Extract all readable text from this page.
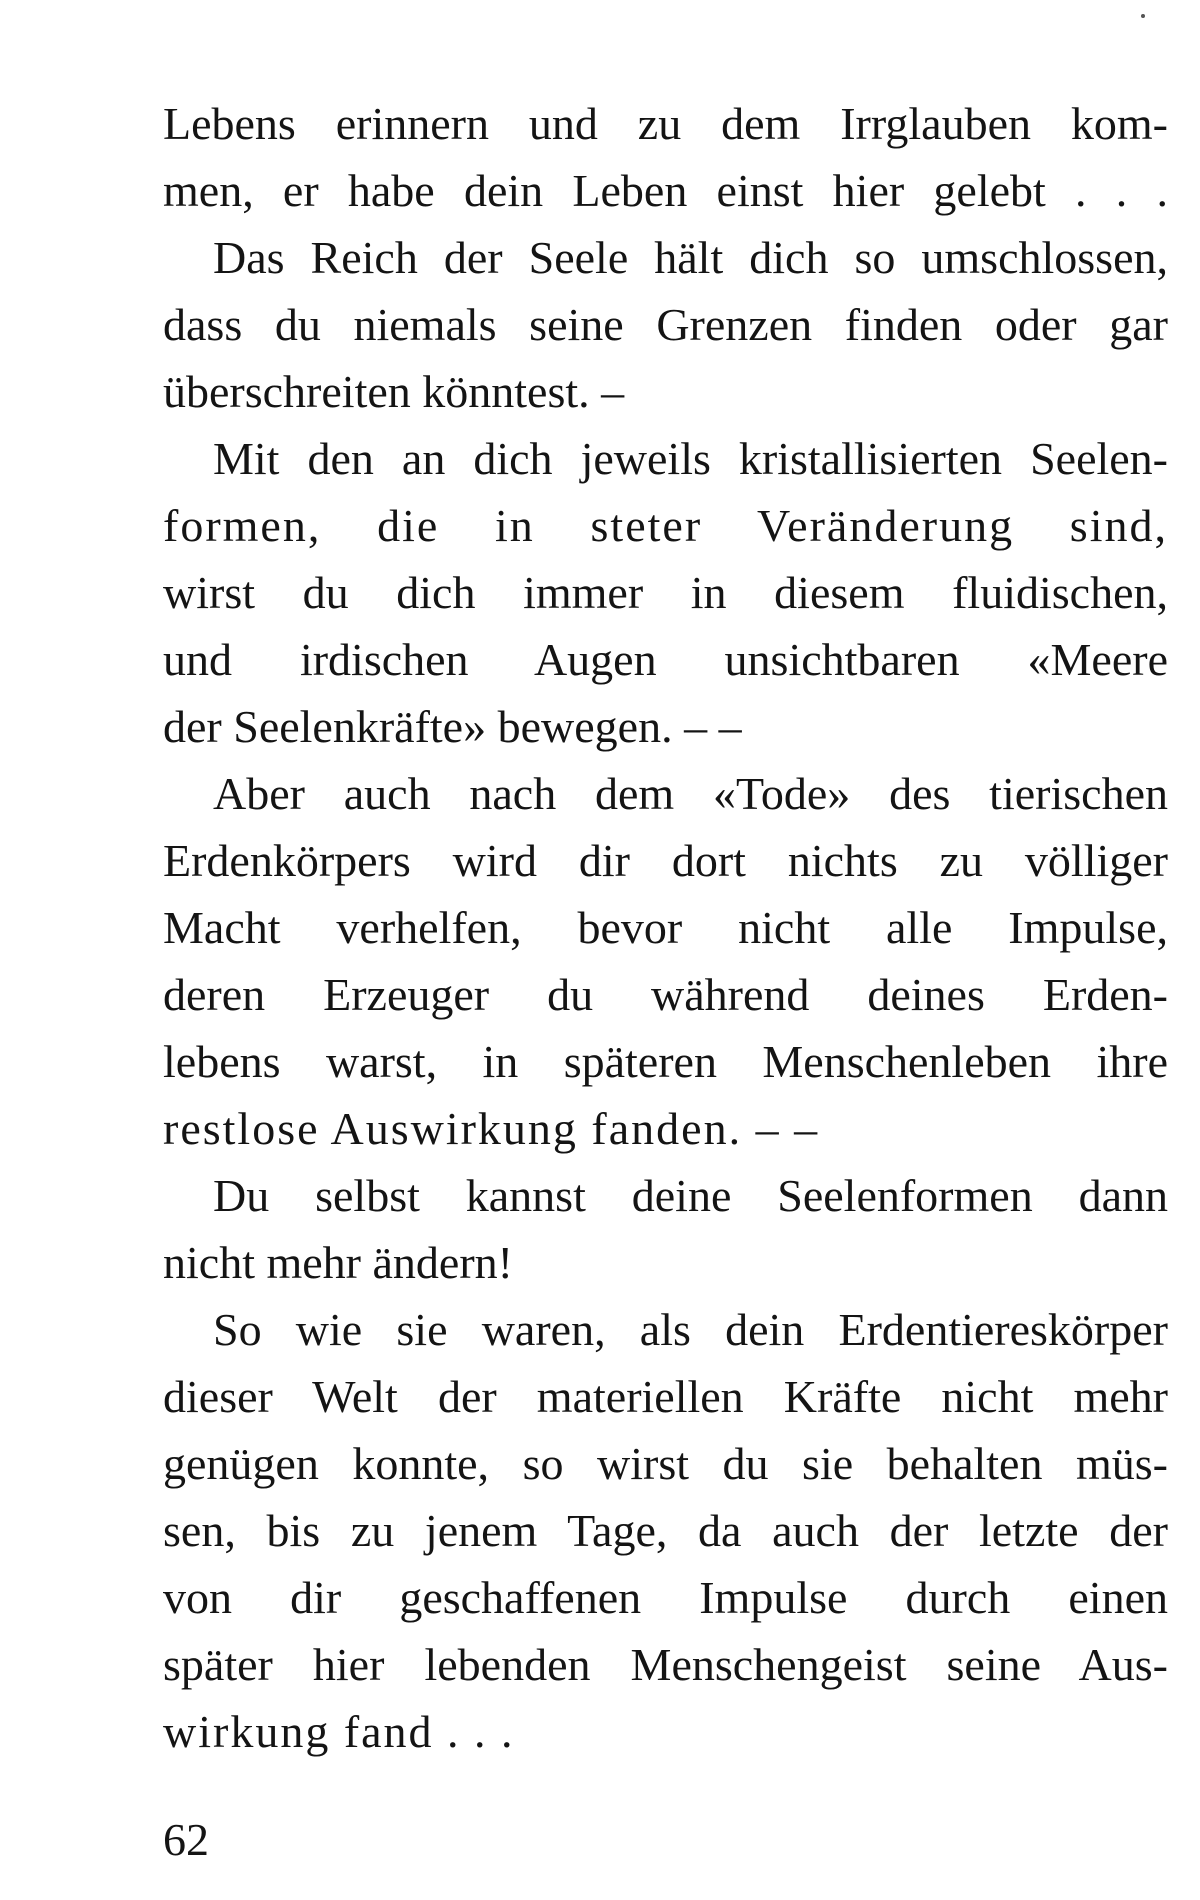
Lebens erinnern und zu dem Irrglauben kom-
men, er habe dein Leben einst hier gelebt . . .
Das Reich der Seele hält dich so umschlossen,
dass du niemals seine Grenzen finden oder gar
überschreiten könntest. –
Mit den an dich jeweils kristallisierten Seelen-
formen, die in steter Veränderung sind,
wirst du dich immer in diesem fluidischen,
und irdischen Augen unsichtbaren «Meere
der Seelenkräfte» bewegen. – –
Aber auch nach dem «Tode» des tierischen
Erdenkörpers wird dir dort nichts zu völliger
Macht verhelfen, bevor nicht alle Impulse,
deren Erzeuger du während deines Erden-
lebens warst, in späteren Menschenleben ihre
restlose Auswirkung fanden. – –
Du selbst kannst deine Seelenformen dann
nicht mehr ändern!
So wie sie waren, als dein Erdentiereskörper
dieser Welt der materiellen Kräfte nicht mehr
genügen konnte, so wirst du sie behalten müs-
sen, bis zu jenem Tage, da auch der letzte der
von dir geschaffenen Impulse durch einen
später hier lebenden Menschengeist seine Aus-
wirkung fand . . .
62
